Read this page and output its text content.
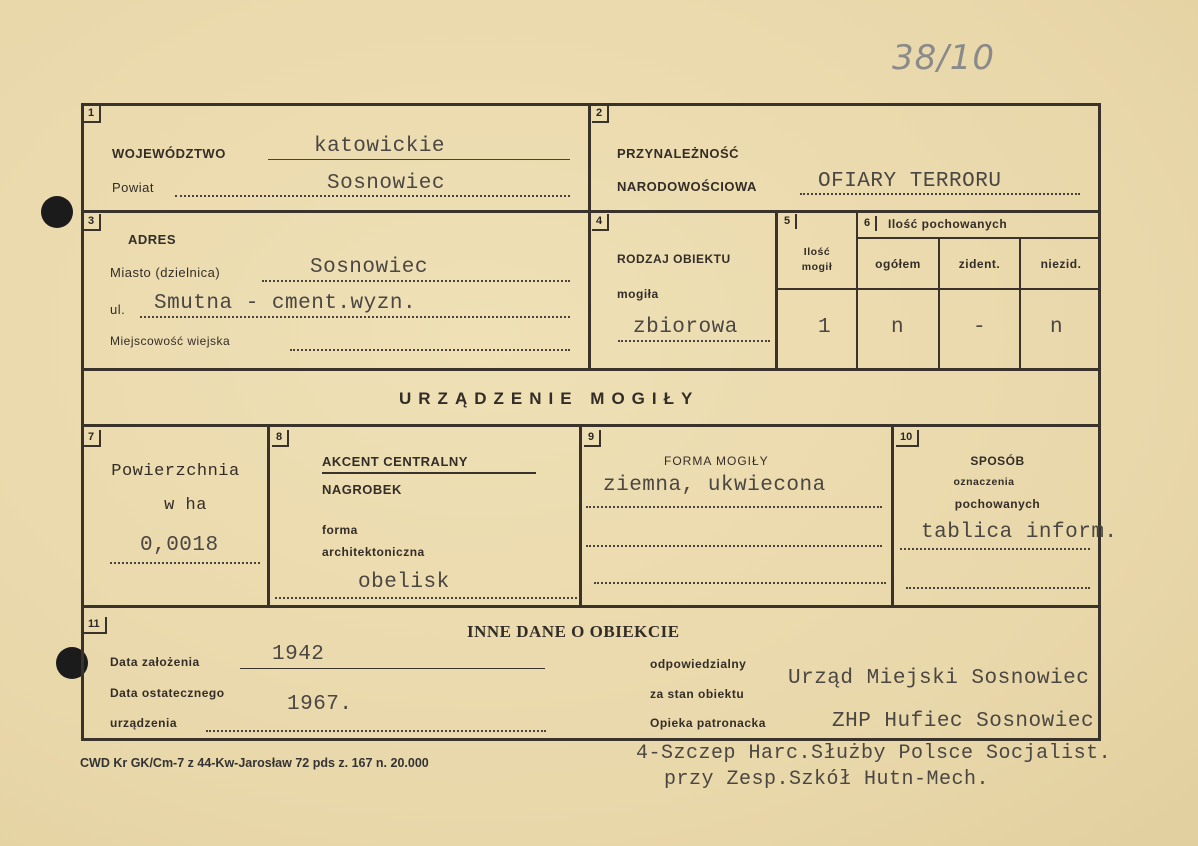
38/10
1
WOJEWÓDZTWO	katowickie
Powiat	Sosnowiec
2
PRZYNALEŻNOŚĆ
NARODOWOŚCIOWA	OFIARY TERRORU
3
ADRES
Miasto (dzielnica)	Sosnowiec
ul. Smutna - cment.wyzn.
Miejscowość wiejska
4
RODZAJ OBIEKTU
mogiła
zbiorowa
5
Ilość
mogił
1
6	Ilość pochowanych
ogółem	zident.	niezid.
n	-	n
URZĄDZENIE MOGIŁY
7
Powierzchnia
w ha
0,0018
8
AKCENT CENTRALNY
NAGROBEK
forma
architektoniczna
obelisk
9
FORMA MOGIŁY
ziemna, ukwiecona
10
SPOSÓB
oznaczenia
pochowanych
tablica inform.
11	INNE DANE O OBIEKCIE
Data założenia	1942
Data ostatecznego
urządzenia
1967.
odpowiedzialny
za stan obiektu
Urząd Miejski Sosnowiec
Opieka patronacka	ZHP Hufiec Sosnowiec
4-Szczep Harc.Służby Polsce Socjalist.
przy Zesp.Szkół Hutn-Mech.
CWD Kr GK/Cm-7 z 44-Kw-Jarosław 72 pds z. 167 n. 20.000
